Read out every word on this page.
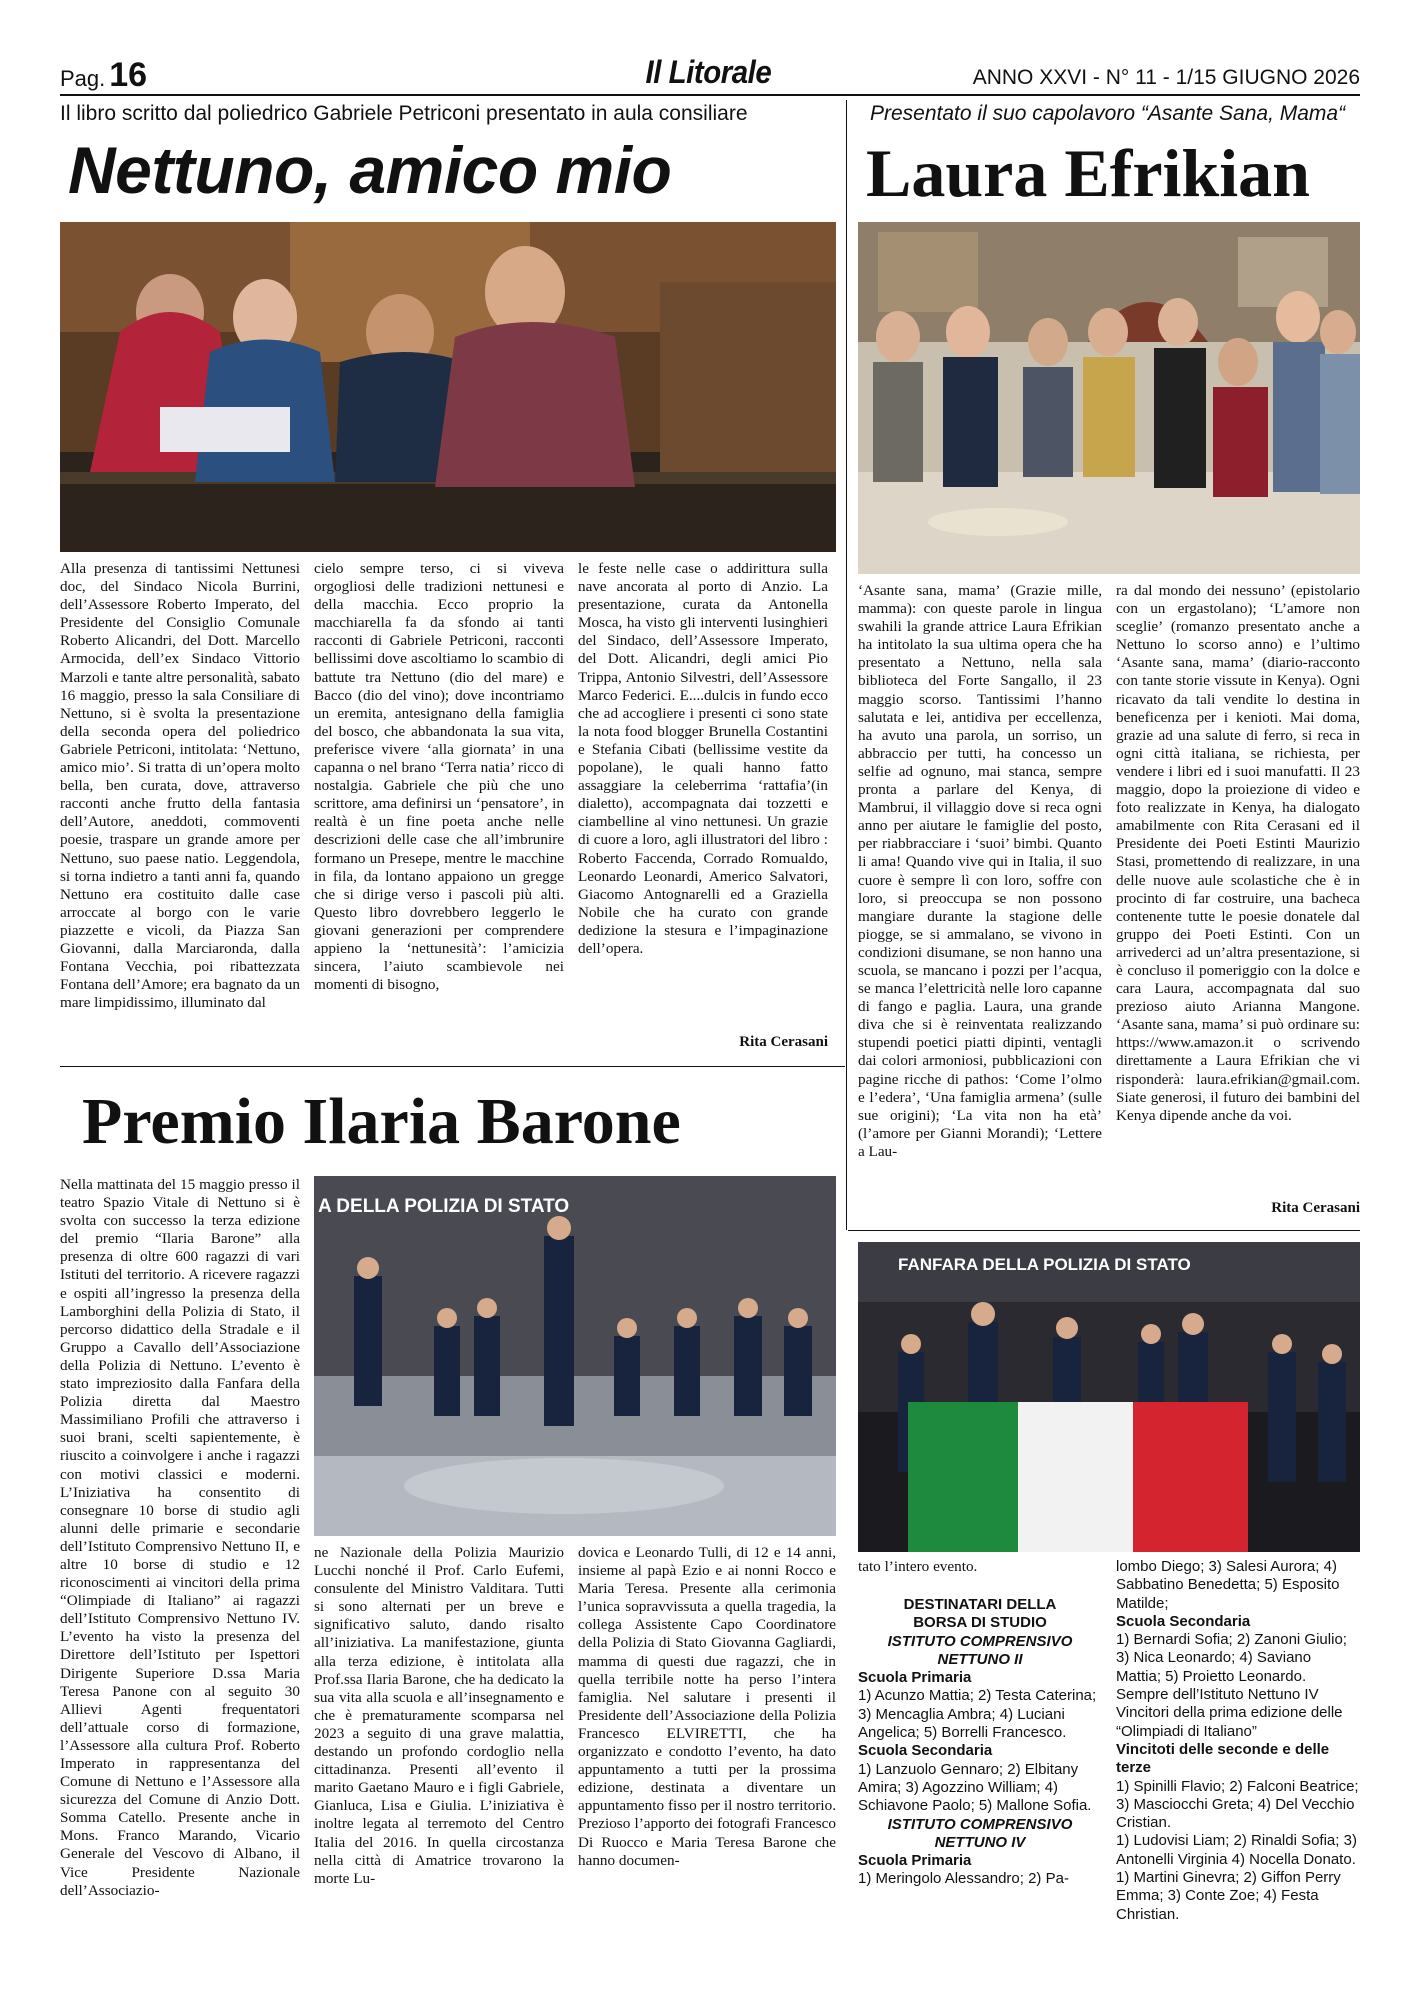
Pag. 16	Il Litorale	ANNO XXVI - N° 11 - 1/15 GIUGNO 2026
Il libro scritto dal poliedrico Gabriele Petriconi presentato in aula consiliare
Nettuno, amico mio

Alla presenza di tantissimi Nettunesi doc, del Sindaco Nicola Burrini, dell’Assessore Roberto Imperato, del Presidente del Consiglio Comunale Roberto Alicandri, del Dott. Marcello Armocida, dell’ex Sindaco Vittorio Marzoli e tante altre personalità, sabato 16 maggio, presso la sala Consiliare di Nettuno, si è svolta la presentazione della seconda opera del poliedrico Gabriele Petriconi, intitolata: ‘Nettuno, amico mio’. Si tratta di un’opera molto bella, ben curata, dove, attraverso racconti anche frutto della fantasia dell’Autore, aneddoti, commoventi poesie, traspare un grande amore per Nettuno, suo paese natio. Leggendola, si torna indietro a tanti anni fa, quando Nettuno era costituito dalle case arroccate al borgo con le varie piazzette e vicoli, da Piazza San Giovanni, dalla Marciaronda, dalla Fontana Vecchia, poi ribattezzata Fontana dell’Amore; era bagnato da un mare limpidissimo, illuminato dal

cielo sempre terso, ci si viveva orgogliosi delle tradizioni nettunesi e della macchia. Ecco proprio la macchiarella fa da sfondo ai tanti racconti di Gabriele Petriconi, racconti bellissimi dove ascoltiamo lo scambio di battute tra Nettuno (dio del mare) e Bacco (dio del vino); dove incontriamo un eremita, antesignano della famiglia del bosco, che abbandonata la sua vita, preferisce vivere ‘alla giornata’ in una capanna o nel brano ‘Terra natia’ ricco di nostalgia. Gabriele che più che uno scrittore, ama definirsi un ‘pensatore’, in realtà è un fine poeta anche nelle descrizioni delle case che all’imbrunire formano un Presepe, mentre le macchine in fila, da lontano appaiono un gregge che si dirige verso i pascoli più alti. Questo libro dovrebbero leggerlo le giovani generazioni per comprendere appieno la ‘nettunesità’: l’amicizia sincera, l’aiuto scambievole nei momenti di bisogno,

le feste nelle case o addirittura sulla nave ancorata al porto di Anzio. La presentazione, curata da Antonella Mosca, ha visto gli interventi lusinghieri del Sindaco, dell’Assessore Imperato, del Dott. Alicandri, degli amici Pio Trippa, Antonio Silvestri, dell’Assessore Marco Federici. E....dulcis in fundo ecco che ad accogliere i presenti ci sono state la nota food blogger Brunella Costantini e Stefania Cibati (bellissime vestite da popolane), le quali hanno fatto assaggiare la celeberrima ‘rattafia’(in dialetto), accompagnata dai tozzetti e ciambelline al vino nettunesi. Un grazie di cuore a loro, agli illustratori del libro : Roberto Faccenda, Corrado Romualdo, Leonardo Leonardi, Americo Salvatori, Giacomo Antognarelli ed a Graziella Nobile che ha curato con grande dedizione la stesura e l’impaginazione dell’opera.

Rita Cerasani
Presentato il suo capolavoro “Asante Sana, Mama“
Laura Efrikian

‘Asante sana, mama’ (Grazie mille, mamma): con queste parole in lingua swahili la grande attrice Laura Efrikian ha intitolato la sua ultima opera che ha presentato a Nettuno, nella sala biblioteca del Forte Sangallo, il 23 maggio scorso. Tantissimi l’hanno salutata e lei, antidiva per eccellenza, ha avuto una parola, un sorriso, un abbraccio per tutti, ha concesso un selfie ad ognuno, mai stanca, sempre pronta a parlare del Kenya, di Mambrui, il villaggio dove si reca ogni anno per aiutare le famiglie del posto, per riabbracciare i ‘suoi’ bimbi. Quanto li ama! Quando vive qui in Italia, il suo cuore è sempre lì con loro, soffre con loro, si preoccupa se non possono mangiare durante la stagione delle piogge, se si ammalano, se vivono in condizioni disumane, se non hanno una scuola, se mancano i pozzi per l’acqua, se manca l’elettricità nelle loro capanne di fango e paglia. Laura, una grande diva che si è reinventata realizzando stupendi poetici piatti dipinti, ventagli dai colori armoniosi, pubblicazioni con pagine ricche di pathos: ‘Come l’olmo e l’edera’, ‘Una famiglia armena’ (sulle sue origini); ‘La vita non ha età’ (l’amore per Gianni Morandi); ‘Lettere a Lau-

ra dal mondo dei nessuno’ (epistolario con un ergastolano); ‘L’amore non sceglie’ (romanzo presentato anche a Nettuno lo scorso anno) e l’ultimo ‘Asante sana, mama’ (diario-racconto con tante storie vissute in Kenya). Ogni ricavato da tali vendite lo destina in beneficenza per i kenioti. Mai doma, grazie ad una salute di ferro, si reca in ogni città italiana, se richiesta, per vendere i libri ed i suoi manufatti. Il 23 maggio, dopo la proiezione di video e foto realizzate in Kenya, ha dialogato amabilmente con Rita Cerasani ed il Presidente dei Poeti Estinti Maurizio Stasi, promettendo di realizzare, in una delle nuove aule scolastiche che è in procinto di far costruire, una bacheca contenente tutte le poesie donatele dal gruppo dei Poeti Estinti. Con un arrivederci ad un’altra presentazione, si è concluso il pomeriggio con la dolce e cara Laura, accompagnata dal suo prezioso aiuto Arianna Mangone. ‘Asante sana, mama’ si può ordinare su: https://www.amazon.it o scrivendo direttamente a Laura Efrikian che vi risponderà: laura.efrikian@gmail.com. Siate generosi, il futuro dei bambini del Kenya dipende anche da voi.

Rita Cerasani
Premio Ilaria Barone
A DELLA POLIZIA DI STATO
FANFARA DELLA POLIZIA DI STATO

Nella mattinata del 15 maggio presso il teatro Spazio Vitale di Nettuno si è svolta con successo la terza edizione del premio “Ilaria Barone” alla presenza di oltre 600 ragazzi di vari Istituti del territorio. A ricevere ragazzi e ospiti all’ingresso la presenza della Lamborghini della Polizia di Stato, il percorso didattico della Stradale e il Gruppo a Cavallo dell’Associazione della Polizia di Nettuno. L’evento è stato impreziosito dalla Fanfara della Polizia diretta dal Maestro Massimiliano Profili che attraverso i suoi brani, scelti sapientemente, è riuscito a coinvolgere i anche i ragazzi con motivi classici e moderni. L’Iniziativa ha consentito di consegnare 10 borse di studio agli alunni delle primarie e secondarie dell’Istituto Comprensivo Nettuno II, e altre 10 borse di studio e 12 riconoscimenti ai vincitori della prima “Olimpiade di Italiano” ai ragazzi dell’Istituto Comprensivo Nettuno IV. L’evento ha visto la presenza del Direttore dell’Istituto per Ispettori Dirigente Superiore D.ssa Maria Teresa Panone con al seguito 30 Allievi Agenti frequentatori dell’attuale corso di formazione, l’Assessore alla cultura Prof. Roberto Imperato in rappresentanza del Comune di Nettuno e l’Assessore alla sicurezza del Comune di Anzio Dott. Somma Catello. Presente anche in Mons. Franco Marando, Vicario Generale del Vescovo di Albano, il Vice Presidente Nazionale dell’Associazio-

ne Nazionale della Polizia Maurizio Lucchi nonché il Prof. Carlo Eufemi, consulente del Ministro Valditara. Tutti si sono alternati per un breve e significativo saluto, dando risalto all’iniziativa. La manifestazione, giunta alla terza edizione, è intitolata alla Prof.ssa Ilaria Barone, che ha dedicato la sua vita alla scuola e all’insegnamento e che è prematuramente scomparsa nel 2023 a seguito di una grave malattia, destando un profondo cordoglio nella cittadinanza. Presenti all’evento il marito Gaetano Mauro e i figli Gabriele, Gianluca, Lisa e Giulia. L’iniziativa è inoltre legata al terremoto del Centro Italia del 2016. In quella circostanza nella città di Amatrice trovarono la morte Lu-

dovica e Leonardo Tulli, di 12 e 14 anni, insieme al papà Ezio e ai nonni Rocco e Maria Teresa. Presente alla cerimonia l’unica sopravvissuta a quella tragedia, la collega Assistente Capo Coordinatore della Polizia di Stato Giovanna Gagliardi, mamma di questi due ragazzi, che in quella terribile notte ha perso l’intera famiglia. Nel salutare i presenti il Presidente dell’Associazione della Polizia Francesco ELVIRETTI, che ha organizzato e condotto l’evento, ha dato appuntamento a tutti per la prossima edizione, destinata a diventare un appuntamento fisso per il nostro territorio. Prezioso l’apporto dei fotografi Francesco Di Ruocco e Maria Teresa Barone che hanno documen-

tato l’intero evento.

DESTINATARI DELLA

BORSA DI STUDIO

ISTITUTO COMPRENSIVO

NETTUNO II

Scuola Primaria

1) Acunzo Mattia; 2) Testa Caterina; 3) Mencaglia Ambra; 4) Luciani Angelica; 5) Borrelli Francesco.

Scuola Secondaria

1) Lanzuolo Gennaro; 2) Elbitany Amira; 3) Agozzino William; 4) Schiavone Paolo; 5) Mallone Sofia.

ISTITUTO COMPRENSIVO

NETTUNO IV

Scuola Primaria

1) Meringolo Alessandro; 2) Pa-

lombo Diego; 3) Salesi Aurora; 4) Sabbatino Benedetta; 5) Esposito Matilde;

Scuola Secondaria

1) Bernardi Sofia; 2) Zanoni Giulio; 3) Nica Leonardo; 4) Saviano Mattia; 5) Proietto Leonardo.

Sempre dell’Istituto Nettuno IV Vincitori della prima edizione delle “Olimpiadi di Italiano”

Vincitoti delle seconde e delle terze

1) Spinilli Flavio; 2) Falconi Beatrice; 3) Masciocchi Greta; 4) Del Vecchio Cristian.

1) Ludovisi Liam; 2) Rinaldi Sofia; 3) Antonelli Virginia 4) Nocella Donato.

1) Martini Ginevra; 2) Giffon Perry Emma; 3) Conte Zoe; 4) Festa Christian.
